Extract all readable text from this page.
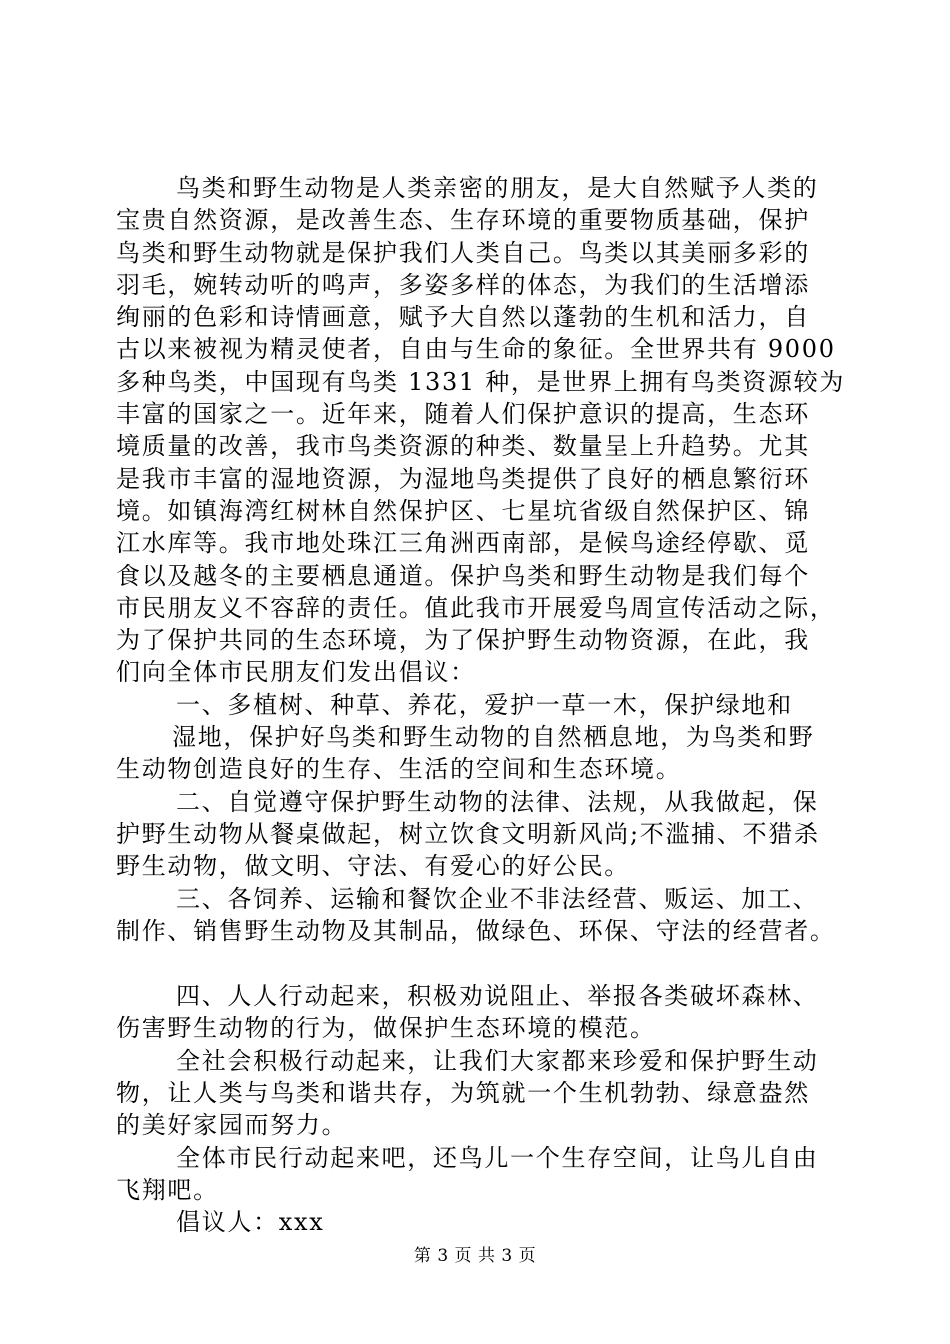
鸟类和野生动物是人类亲密的朋友，是大自然赋予人类的
宝贵自然资源，是改善生态、生存环境的重要物质基础，保护
鸟类和野生动物就是保护我们人类自己。鸟类以其美丽多彩的
羽毛，婉转动听的鸣声，多姿多样的体态，为我们的生活增添
绚丽的色彩和诗情画意，赋予大自然以蓬勃的生机和活力，自
古以来被视为精灵使者，自由与生命的象征。全世界共有 9000
多种鸟类，中国现有鸟类 1331 种，是世界上拥有鸟类资源较为
丰富的国家之一。近年来，随着人们保护意识的提高，生态环
境质量的改善，我市鸟类资源的种类、数量呈上升趋势。尤其
是我市丰富的湿地资源，为湿地鸟类提供了良好的栖息繁衍环
境。如镇海湾红树林自然保护区、七星坑省级自然保护区、锦
江水库等。我市地处珠江三角洲西南部，是候鸟途经停歇、觅
食以及越冬的主要栖息通道。保护鸟类和野生动物是我们每个
市民朋友义不容辞的责任。值此我市开展爱鸟周宣传活动之际，
为了保护共同的生态环境，为了保护野生动物资源，在此，我
们向全体市民朋友们发出倡议：
一、多植树、种草、养花，爱护一草一木，保护绿地和
湿地，保护好鸟类和野生动物的自然栖息地，为鸟类和野
生动物创造良好的生存、生活的空间和生态环境。
二、自觉遵守保护野生动物的法律、法规，从我做起，保
护野生动物从餐桌做起，树立饮食文明新风尚;不滥捕、不猎杀
野生动物，做文明、守法、有爱心的好公民。
三、各饲养、运输和餐饮企业不非法经营、贩运、加工、
制作、销售野生动物及其制品，做绿色、环保、守法的经营者。
四、人人行动起来，积极劝说阻止、举报各类破坏森林、
伤害野生动物的行为，做保护生态环境的模范。
全社会积极行动起来，让我们大家都来珍爱和保护野生动
物，让人类与鸟类和谐共存，为筑就一个生机勃勃、绿意盎然
的美好家园而努力。
全体市民行动起来吧，还鸟儿一个生存空间，让鸟儿自由
飞翔吧。
倡议人：xxx
第 3 页 共 3 页
